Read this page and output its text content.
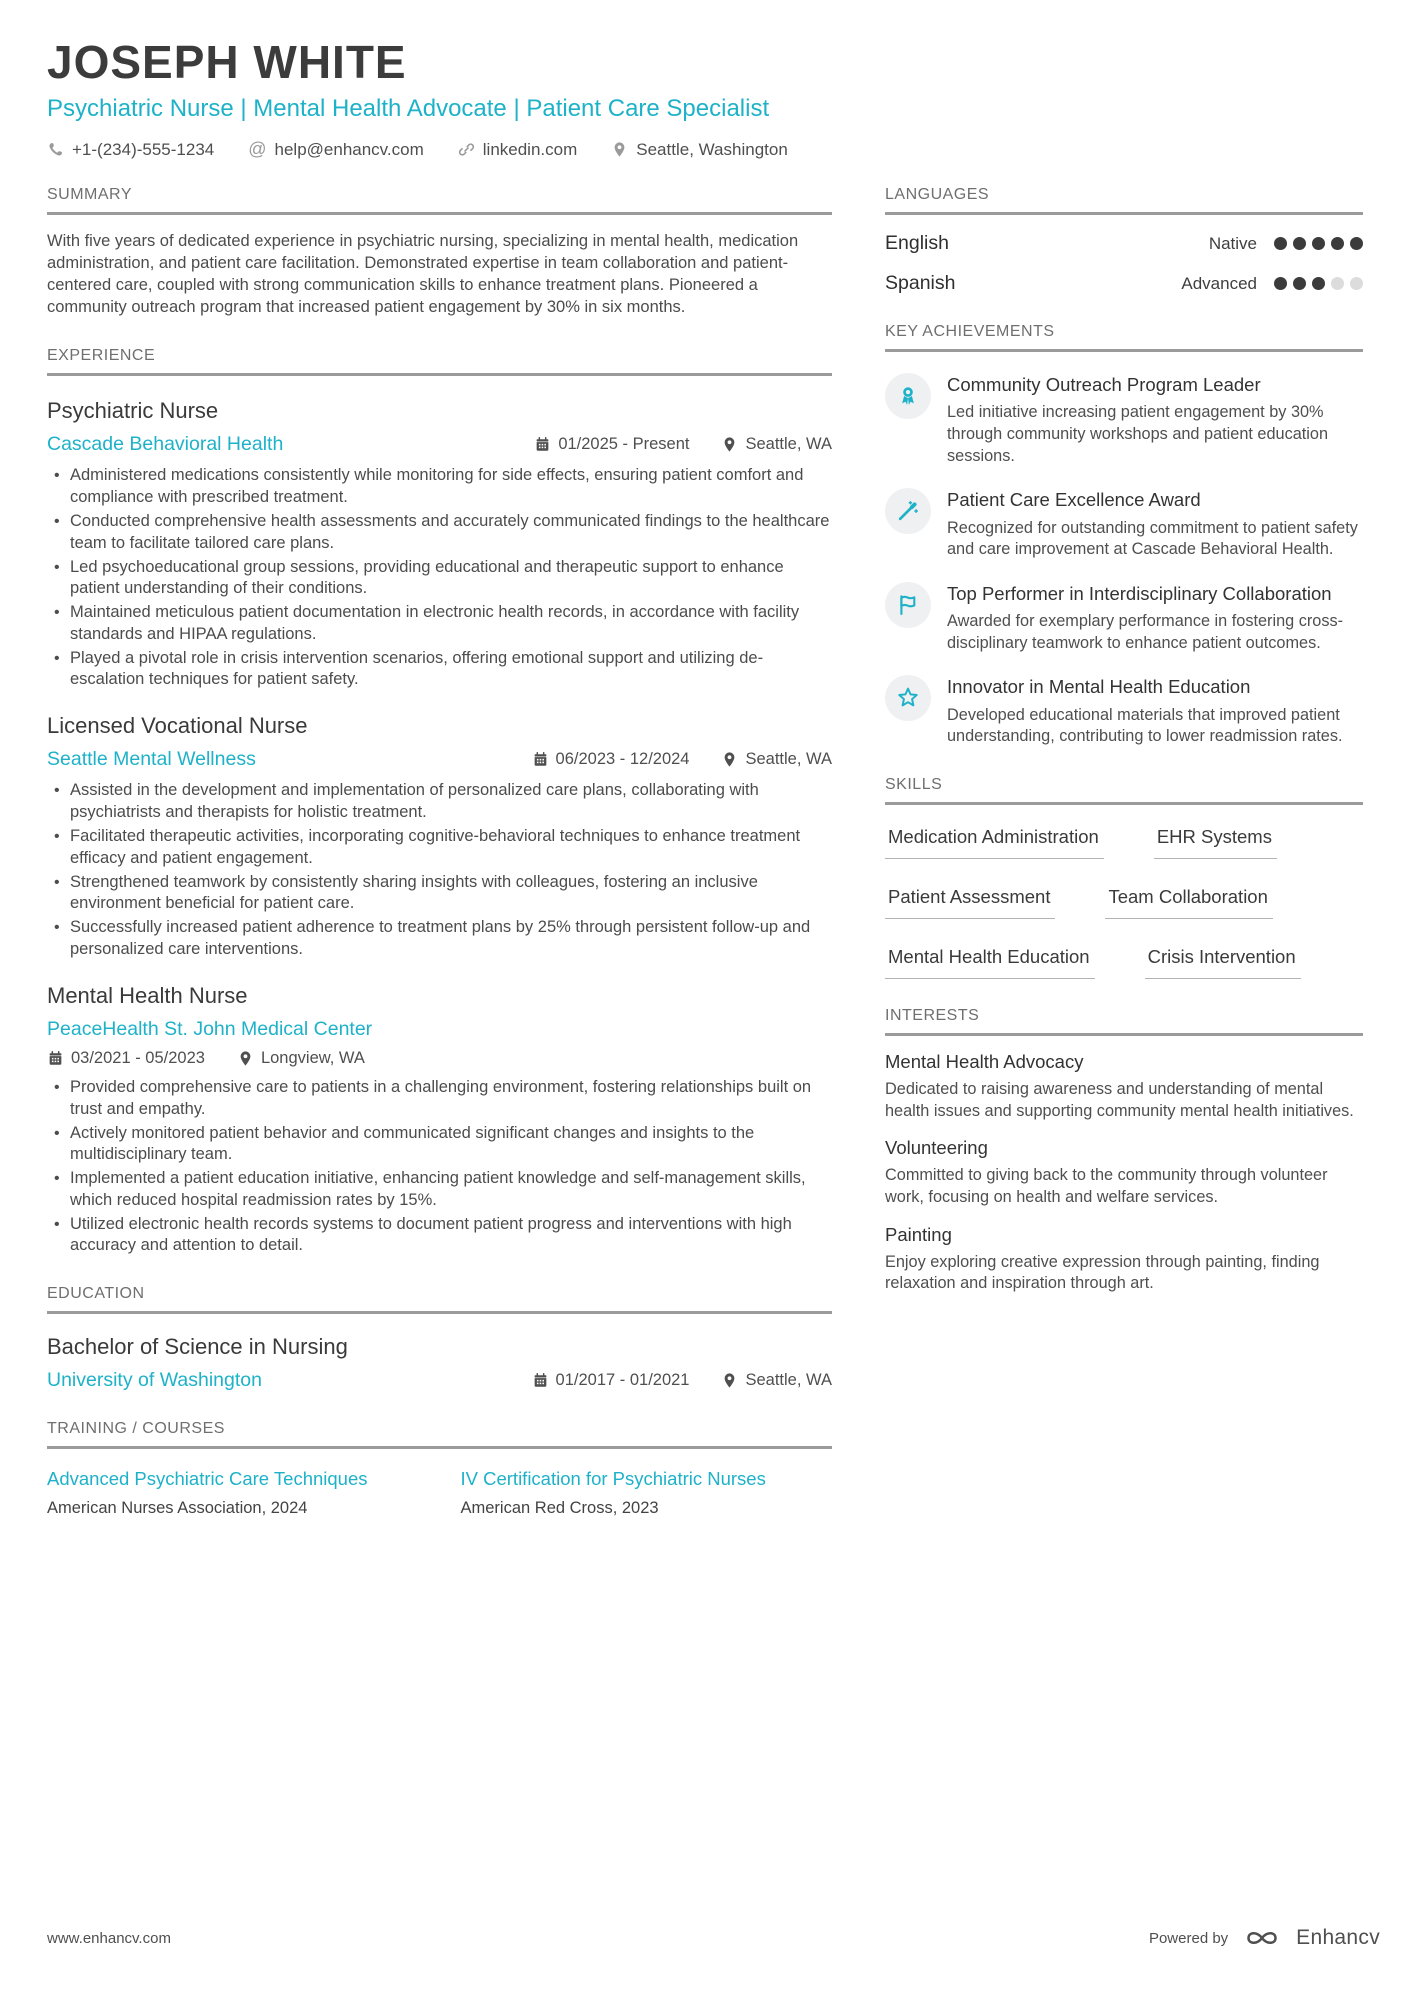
JOSEPH WHITE
Psychiatric Nurse | Mental Health Advocate | Patient Care Specialist
+1-(234)-555-1234 @ help@enhancv.com	linkedin.com	Seattle, Washington
SUMMARY

With five years of dedicated experience in psychiatric nursing, specializing in mental health, medication administration, and patient care facilitation. Demonstrated expertise in team collaboration and patient-centered care, coupled with strong communication skills to enhance treatment plans. Pioneered a community outreach program that increased patient engagement by 30% in six months.

EXPERIENCE
Psychiatric Nurse
Cascade Behavioral Health	01/2025 - Present	Seattle, WA
• Administered medications consistently while monitoring for side effects, ensuring patient comfort and compliance with prescribed treatment.
• Conducted comprehensive health assessments and accurately communicated findings to the healthcare team to facilitate tailored care plans.
• Led psychoeducational group sessions, providing educational and therapeutic support to enhance patient understanding of their conditions.
• Maintained meticulous patient documentation in electronic health records, in accordance with facility standards and HIPAA regulations.
• Played a pivotal role in crisis intervention scenarios, offering emotional support and utilizing de-escalation techniques for patient safety.
Licensed Vocational Nurse
Seattle Mental Wellness	06/2023 - 12/2024	Seattle, WA
• Assisted in the development and implementation of personalized care plans, collaborating with psychiatrists and therapists for holistic treatment.
• Facilitated therapeutic activities, incorporating cognitive-behavioral techniques to enhance treatment efficacy and patient engagement.
• Strengthened teamwork by consistently sharing insights with colleagues, fostering an inclusive environment beneficial for patient care.
• Successfully increased patient adherence to treatment plans by 25% through persistent follow-up and personalized care interventions.
Mental Health Nurse
PeaceHealth St. John Medical Center
03/2021 - 05/2023	Longview, WA
• Provided comprehensive care to patients in a challenging environment, fostering relationships built on trust and empathy.
• Actively monitored patient behavior and communicated significant changes and insights to the multidisciplinary team.
• Implemented a patient education initiative, enhancing patient knowledge and self-management skills, which reduced hospital readmission rates by 15%.
• Utilized electronic health records systems to document patient progress and interventions with high accuracy and attention to detail.
EDUCATION
Bachelor of Science in Nursing
University of Washington	01/2017 - 01/2021	Seattle, WA
TRAINING / COURSES
Advanced Psychiatric Care Techniques
American Nurses Association, 2024
IV Certification for Psychiatric Nurses
American Red Cross, 2023
LANGUAGES
English	Native
Spanish	Advanced
KEY ACHIEVEMENTS
Community Outreach Program Leader
Led initiative increasing patient engagement by 30% through community workshops and patient education sessions.
Patient Care Excellence Award
Recognized for outstanding commitment to patient safety and care improvement at Cascade Behavioral Health.
Top Performer in Interdisciplinary Collaboration
Awarded for exemplary performance in fostering cross-disciplinary teamwork to enhance patient outcomes.
Innovator in Mental Health Education
Developed educational materials that improved patient understanding, contributing to lower readmission rates.
SKILLS
Medication Administration	EHR Systems
Patient Assessment	Team Collaboration
Mental Health Education	Crisis Intervention
INTERESTS
Mental Health Advocacy
Dedicated to raising awareness and understanding of mental health issues and supporting community mental health initiatives.
Volunteering
Committed to giving back to the community through volunteer work, focusing on health and welfare services.
Painting
Enjoy exploring creative expression through painting, finding relaxation and inspiration through art.
www.enhancv.com	Powered by	Enhancv
